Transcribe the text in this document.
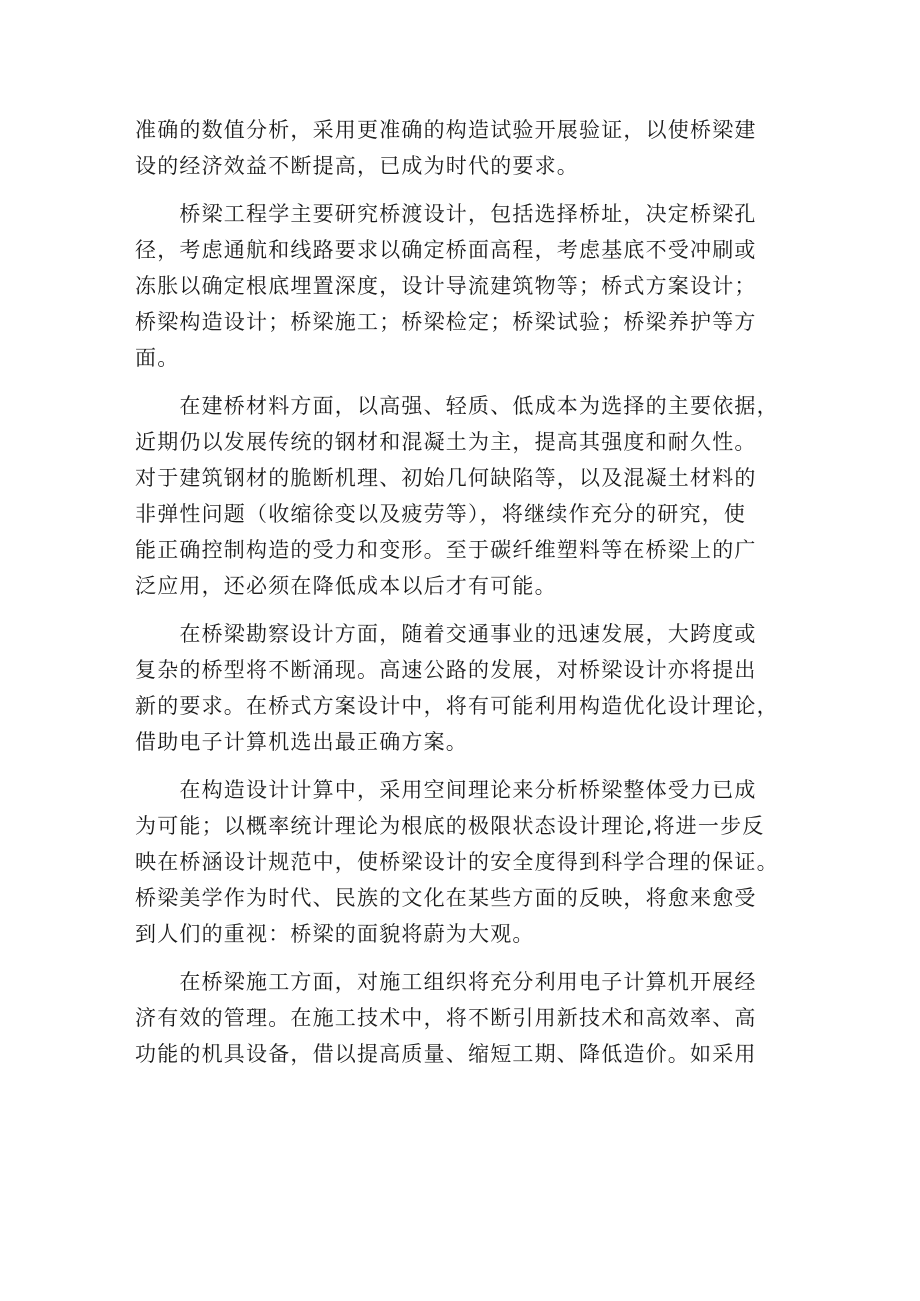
准确的数值分析，采用更准确的构造试验开展验证，以使桥梁建
设的经济效益不断提高，已成为时代的要求。
　　桥梁工程学主要研究桥渡设计，包括选择桥址，决定桥梁孔
径，考虑通航和线路要求以确定桥面高程，考虑基底不受冲刷或
冻胀以确定根底埋置深度，设计导流建筑物等；桥式方案设计；
桥梁构造设计；桥梁施工；桥梁检定；桥梁试验；桥梁养护等方
面。
　　在建桥材料方面，以高强、轻质、低成本为选择的主要依据，
近期仍以发展传统的钢材和混凝土为主，提高其强度和耐久性。
对于建筑钢材的脆断机理、初始几何缺陷等，以及混凝土材料的
非弹性问题（收缩徐变以及疲劳等），将继续作充分的研究，使
能正确控制构造的受力和变形。至于碳纤维塑料等在桥梁上的广
泛应用，还必须在降低成本以后才有可能。
　　在桥梁勘察设计方面，随着交通事业的迅速发展，大跨度或
复杂的桥型将不断涌现。高速公路的发展，对桥梁设计亦将提出
新的要求。在桥式方案设计中，将有可能利用构造优化设计理论，
借助电子计算机选出最正确方案。
　　在构造设计计算中，采用空间理论来分析桥梁整体受力已成
为可能；以概率统计理论为根底的极限状态设计理论,将进一步反
映在桥涵设计规范中，使桥梁设计的安全度得到科学合理的保证。
桥梁美学作为时代、民族的文化在某些方面的反映，将愈来愈受
到人们的重视：桥梁的面貌将蔚为大观。
　　在桥梁施工方面，对施工组织将充分利用电子计算机开展经
济有效的管理。在施工技术中，将不断引用新技术和高效率、高
功能的机具设备，借以提高质量、缩短工期、降低造价。如采用
